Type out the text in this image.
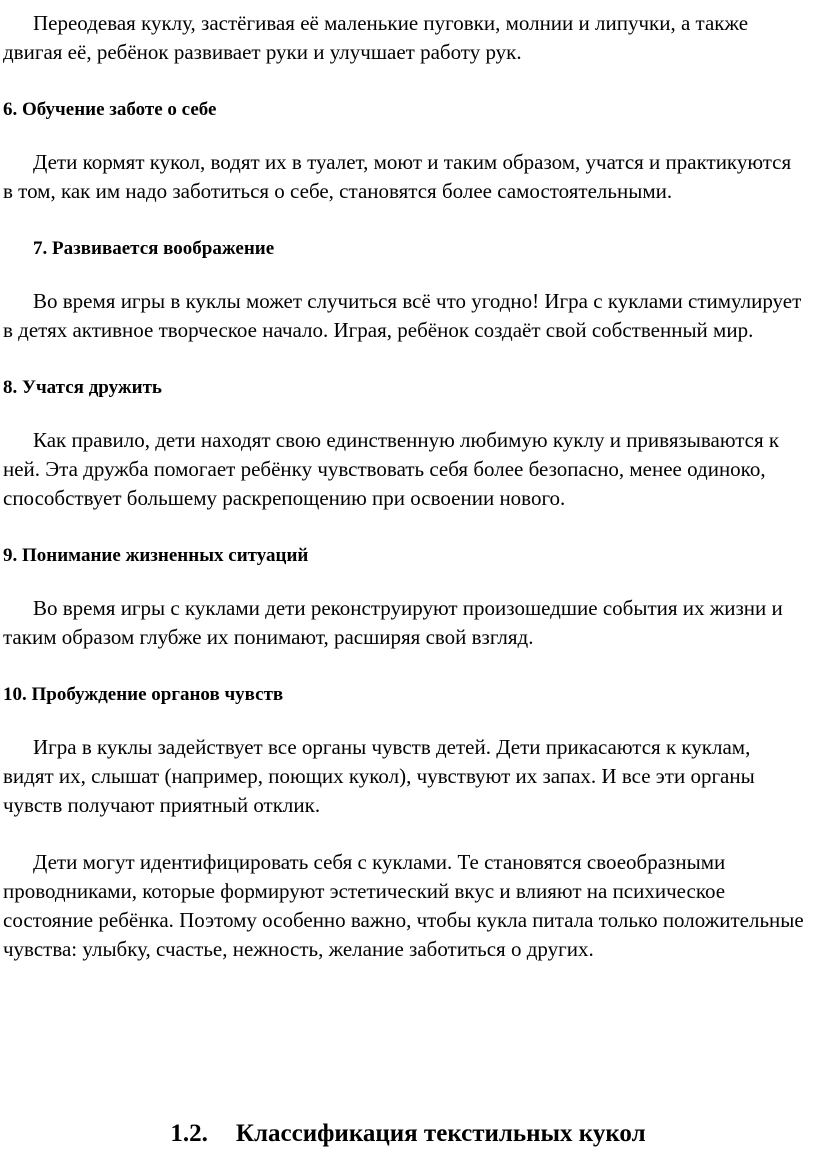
Переодевая куклу, застёгивая её маленькие пуговки, молнии и липучки, а также двигая её, ребёнок развивает руки и улучшает работу рук.

6. Обучение заботе о себе

Дети кормят кукол, водят их в туалет, моют и таким образом, учатся и практикуются в том, как им надо заботиться о себе, становятся более самостоятельными.

7. Развивается воображение

Во время игры в куклы может случиться всё что угодно! Игра с куклами стимулирует в детях активное творческое начало. Играя, ребёнок создаёт свой собственный мир.

8. Учатся дружить

Как правило, дети находят свою единственную любимую куклу и привязываются к ней. Эта дружба помогает ребёнку чувствовать себя более безопасно, менее одиноко, способствует большему раскрепощению при освоении нового.

9. Понимание жизненных ситуаций

Во время игры с куклами дети реконструируют произошедшие события их жизни и таким образом глубже их понимают, расширяя свой взгляд.

10. Пробуждение органов чувств

Игра в куклы задействует все органы чувств детей. Дети прикасаются к куклам, видят их, слышат (например, поющих кукол), чувствуют их запах. И все эти органы чувств получают приятный отклик.

Дети могут идентифицировать себя с куклами. Те становятся своеобразными проводниками, которые формируют эстетический вкус и влияют на психическое состояние ребёнка. Поэтому особенно важно, чтобы кукла питала только положительные чувства: улыбку, счастье, нежность, желание заботиться о других.

1.2. Классификация текстильных кукол
